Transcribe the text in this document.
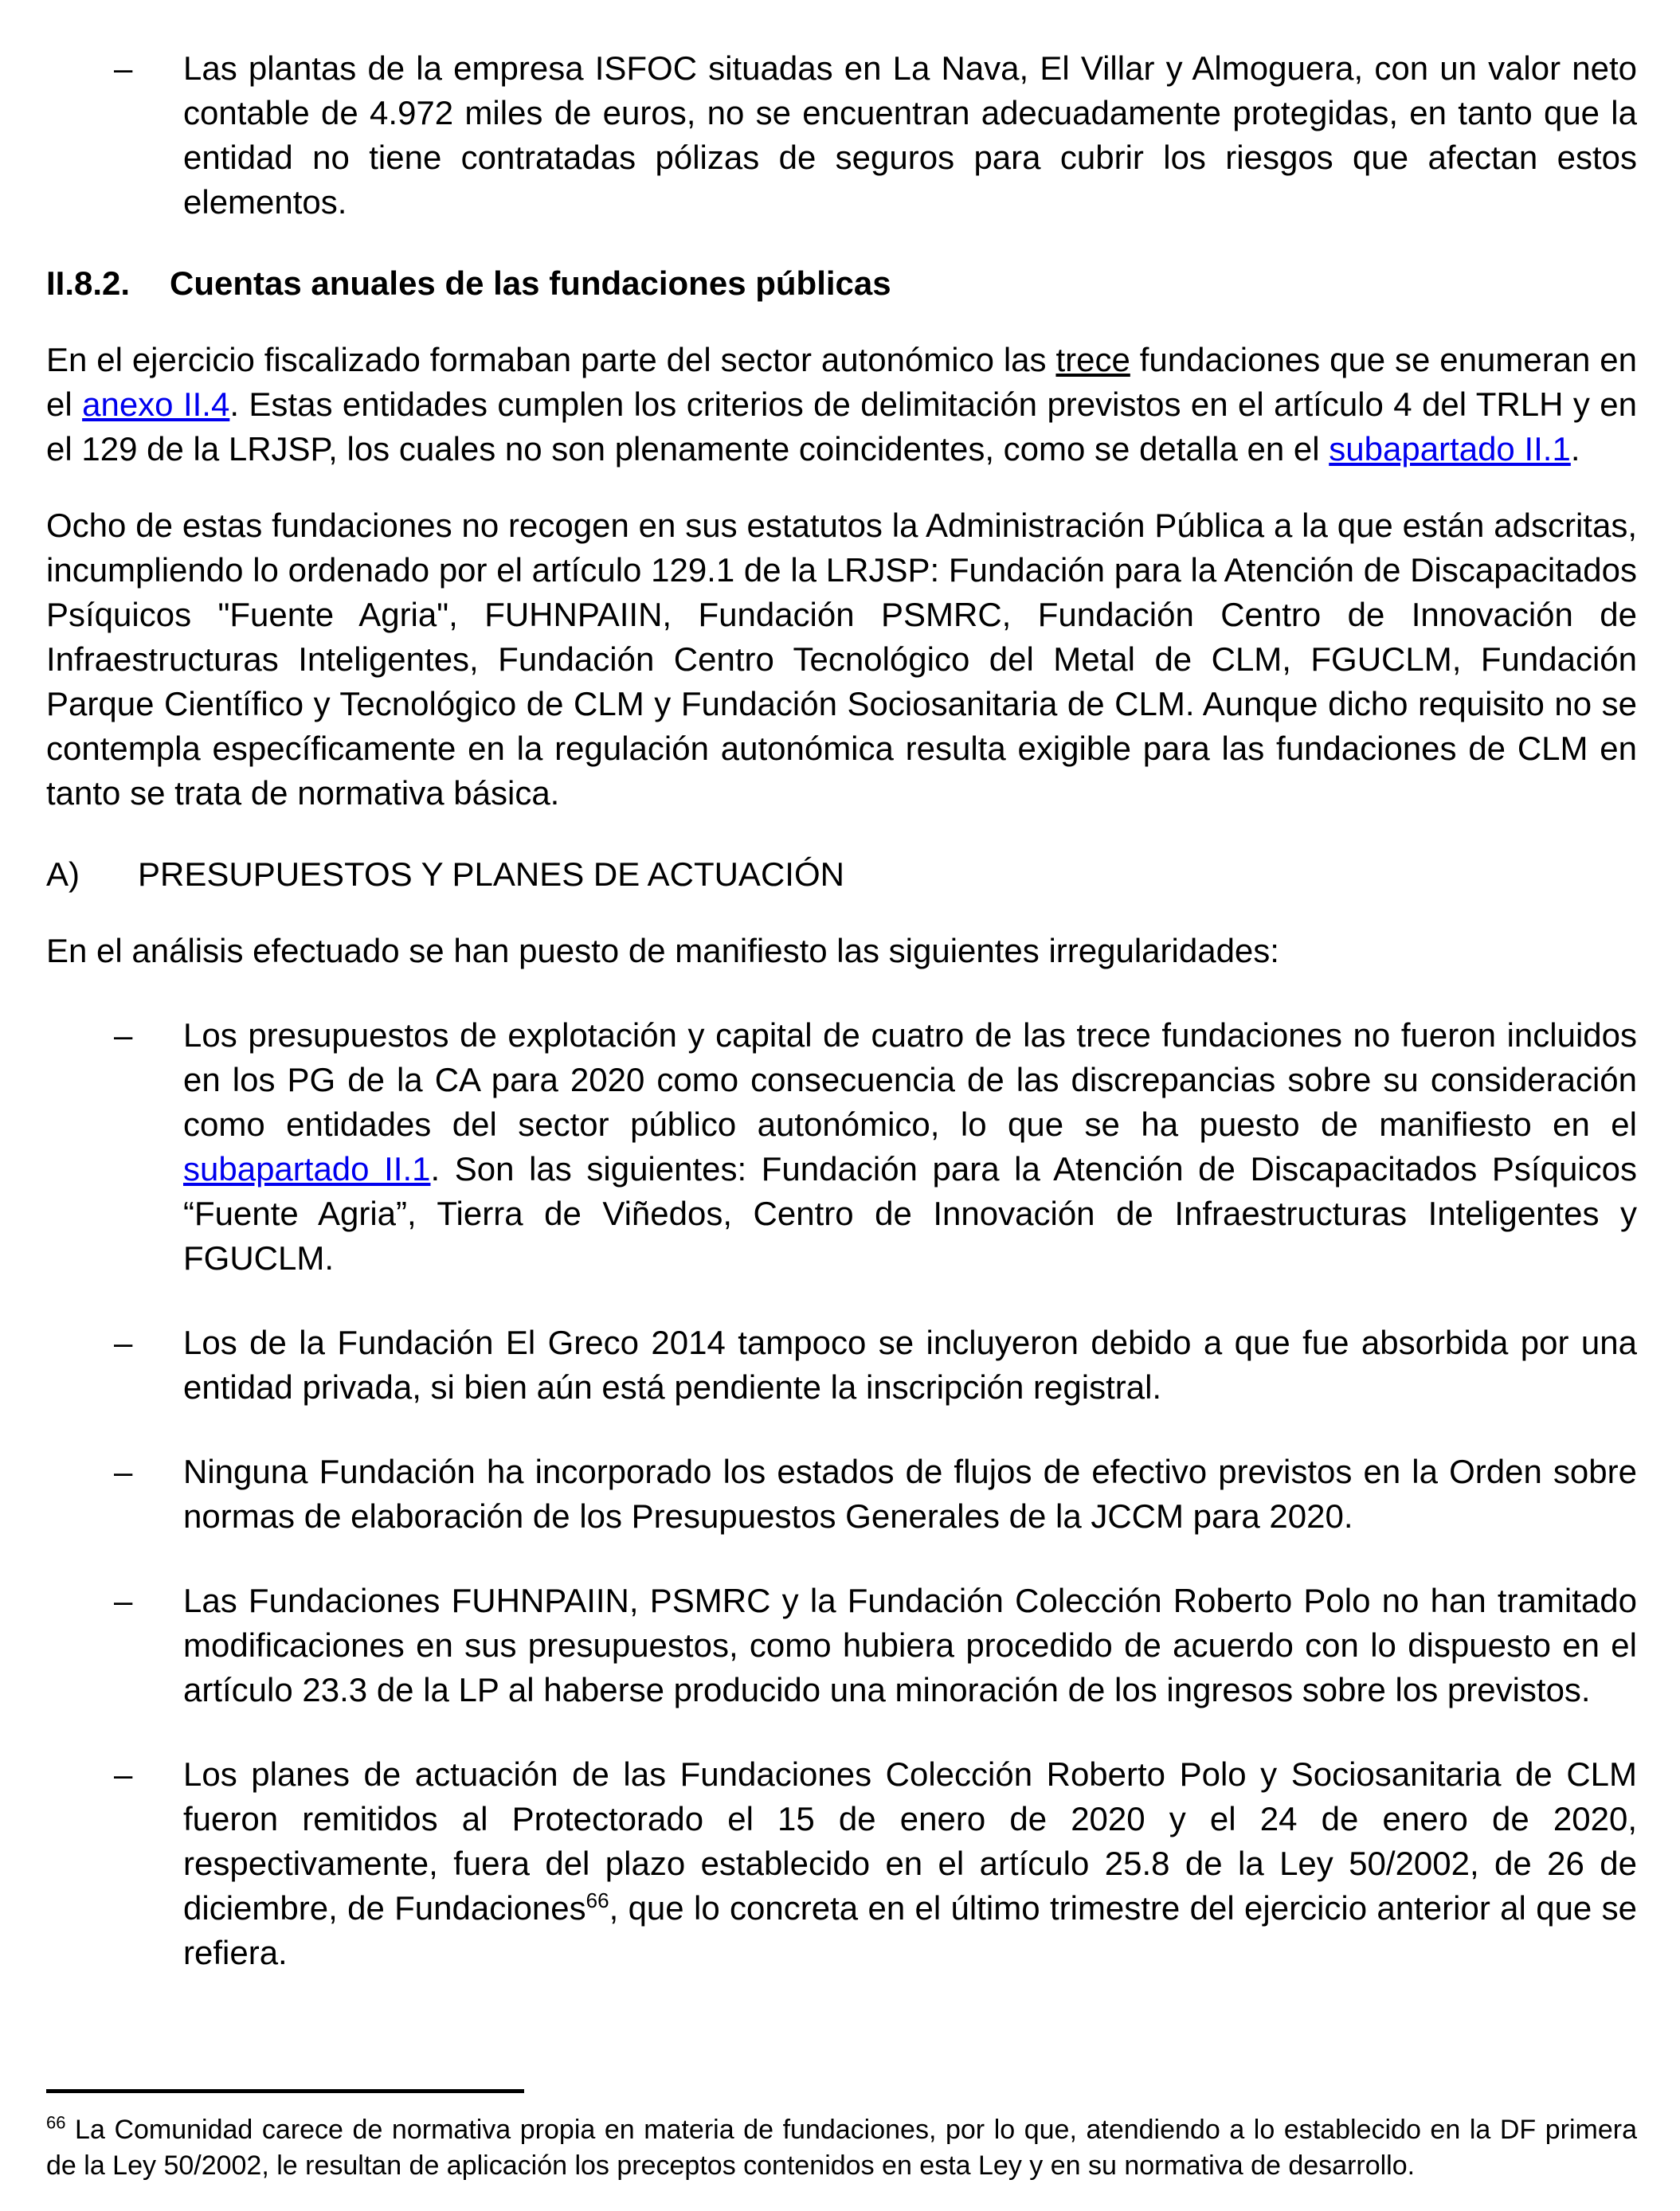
– Las plantas de la empresa ISFOC situadas en La Nava, El Villar y Almoguera, con un valor neto contable de 4.972 miles de euros, no se encuentran adecuadamente protegidas, en tanto que la entidad no tiene contratadas pólizas de seguros para cubrir los riesgos que afectan estos elementos.
II.8.2.	Cuentas anuales de las fundaciones públicas

En el ejercicio fiscalizado formaban parte del sector autonómico las trece fundaciones que se enumeran en el anexo II.4. Estas entidades cumplen los criterios de delimitación previstos en el artículo 4 del TRLH y en el 129 de la LRJSP, los cuales no son plenamente coincidentes, como se detalla en el subapartado II.1.

Ocho de estas fundaciones no recogen en sus estatutos la Administración Pública a la que están adscritas, incumpliendo lo ordenado por el artículo 129.1 de la LRJSP: Fundación para la Atención de Discapacitados Psíquicos "Fuente Agria", FUHNPAIIN, Fundación PSMRC, Fundación Centro de Innovación de Infraestructuras Inteligentes, Fundación Centro Tecnológico del Metal de CLM, FGUCLM, Fundación Parque Científico y Tecnológico de CLM y Fundación Sociosanitaria de CLM. Aunque dicho requisito no se contempla específicamente en la regulación autonómica resulta exigible para las fundaciones de CLM en tanto se trata de normativa básica.

A)	PRESUPUESTOS Y PLANES DE ACTUACIÓN

En el análisis efectuado se han puesto de manifiesto las siguientes irregularidades:

– Los presupuestos de explotación y capital de cuatro de las trece fundaciones no fueron incluidos en los PG de la CA para 2020 como consecuencia de las discrepancias sobre su consideración como entidades del sector público autonómico, lo que se ha puesto de manifiesto en el subapartado II.1. Son las siguientes: Fundación para la Atención de Discapacitados Psíquicos “Fuente Agria”, Tierra de Viñedos, Centro de Innovación de Infraestructuras Inteligentes y FGUCLM.
– Los de la Fundación El Greco 2014 tampoco se incluyeron debido a que fue absorbida por una entidad privada, si bien aún está pendiente la inscripción registral.
– Ninguna Fundación ha incorporado los estados de flujos de efectivo previstos en la Orden sobre normas de elaboración de los Presupuestos Generales de la JCCM para 2020.
– Las Fundaciones FUHNPAIIN, PSMRC y la Fundación Colección Roberto Polo no han tramitado modificaciones en sus presupuestos, como hubiera procedido de acuerdo con lo dispuesto en el artículo 23.3 de la LP al haberse producido una minoración de los ingresos sobre los previstos.
– Los planes de actuación de las Fundaciones Colección Roberto Polo y Sociosanitaria de CLM fueron remitidos al Protectorado el 15 de enero de 2020 y el 24 de enero de 2020, respectivamente, fuera del plazo establecido en el artículo 25.8 de la Ley 50/2002, de 26 de diciembre, de Fundaciones$^{66}$, que lo concreta en el último trimestre del ejercicio anterior al que se refiera.

$^{66}$ La Comunidad carece de normativa propia en materia de fundaciones, por lo que, atendiendo a lo establecido en la DF primera de la Ley 50/2002, le resultan de aplicación los preceptos contenidos en esta Ley y en su normativa de desarrollo.
